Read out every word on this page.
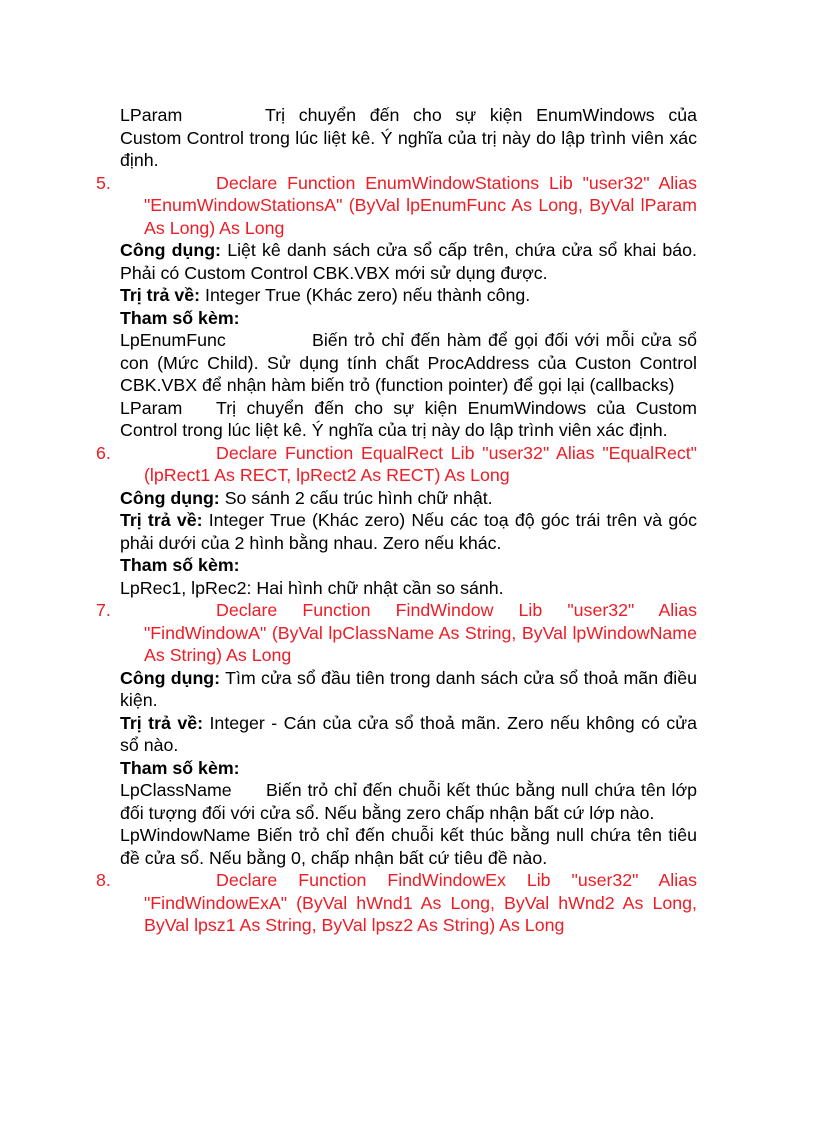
LParam	Trị chuyển đến cho sự kiện EnumWindows của Custom Control trong lúc liệt kê. Ý nghĩa của trị này do lập trình viên xác định.

5.	Declare Function EnumWindowStations Lib "user32" Alias "EnumWindowStationsA" (ByVal lpEnumFunc As Long, ByVal lParam As Long) As Long

Công dụng: Liệt kê danh sách cửa sổ cấp trên, chứa cửa sổ khai báo. Phải có Custom Control CBK.VBX mới sử dụng được.

Trị trả về: Integer True (Khác zero) nếu thành công.

Tham số kèm:

LpEnumFunc	Biến trỏ chỉ đến hàm để gọi đối với mỗi cửa sổ con (Mức Child). Sử dụng tính chất ProcAddress của Custon Control CBK.VBX để nhận hàm biến trỏ (function pointer) để gọi lại (callbacks)

LParam Trị chuyển đến cho sự kiện EnumWindows của Custom Control trong lúc liệt kê. Ý nghĩa của trị này do lập trình viên xác định.

6.	Declare Function EqualRect Lib "user32" Alias "EqualRect" (lpRect1 As RECT, lpRect2 As RECT) As Long

Công dụng: So sánh 2 cấu trúc hình chữ nhật.

Trị trả về: Integer True (Khác zero) Nếu các toạ độ góc trái trên và góc phải dưới của 2 hình bằng nhau. Zero nếu khác.

Tham số kèm:

LpRec1, lpRec2: Hai hình chữ nhật cần so sánh.

7.	Declare Function FindWindow Lib "user32" Alias "FindWindowA" (ByVal lpClassName As String, ByVal lpWindowName As String) As Long

Công dụng: Tìm cửa sổ đầu tiên trong danh sách cửa sổ thoả mãn điều kiện.

Trị trả về: Integer - Cán của cửa sổ thoả mãn. Zero nếu không có cửa sổ nào.

Tham số kèm:

LpClassName Biến trỏ chỉ đến chuỗi kết thúc bằng null chứa tên lớp đối tượng đối với cửa sổ. Nếu bằng zero chấp nhận bất cứ lớp nào.

LpWindowName Biến trỏ chỉ đến chuỗi kết thúc bằng null chứa tên tiêu đề cửa sổ. Nếu bằng 0, chấp nhận bất cứ tiêu đề nào.

8.	Declare Function FindWindowEx Lib "user32" Alias "FindWindowExA" (ByVal hWnd1 As Long, ByVal hWnd2 As Long, ByVal lpsz1 As String, ByVal lpsz2 As String) As Long
